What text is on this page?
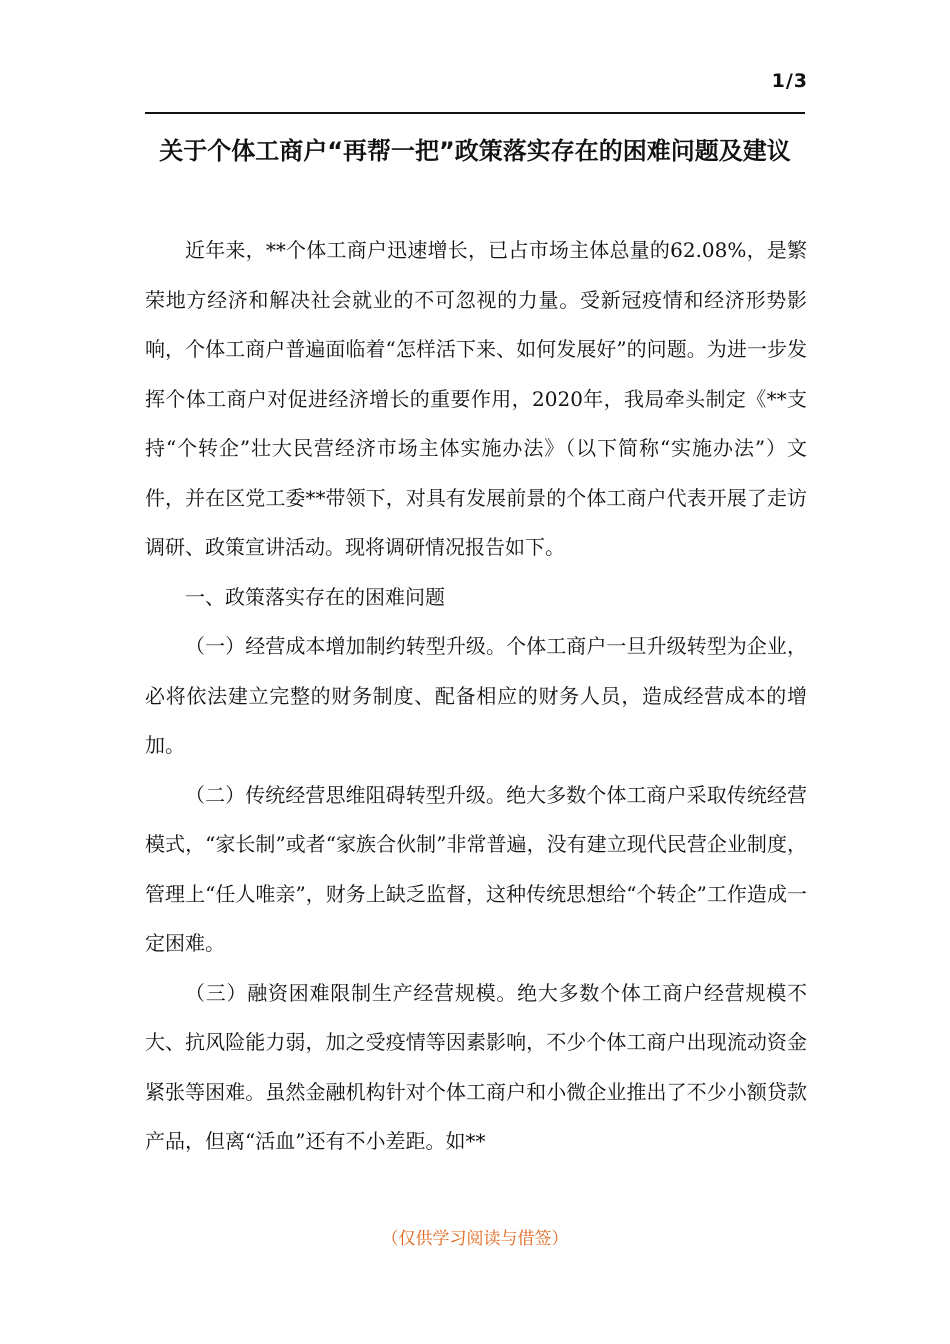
1/3
关于个体工商户“再帮一把”政策落实存在的困难问题及建议

近年来，**个体工商户迅速增长，已占市场主体总量的62.08%，是繁荣地方经济和解决社会就业的不可忽视的力量。受新冠疫情和经济形势影响，个体工商户普遍面临着“怎样活下来、如何发展好”的问题。为进一步发挥个体工商户对促进经济增长的重要作用，2020年，我局牵头制定《**支持“个转企”壮大民营经济市场主体实施办法》（以下简称“实施办法”）文件，并在区党工委**带领下，对具有发展前景的个体工商户代表开展了走访调研、政策宣讲活动。现将调研情况报告如下。

一、政策落实存在的困难问题

（一）经营成本增加制约转型升级。个体工商户一旦升级转型为企业，必将依法建立完整的财务制度、配备相应的财务人员，造成经营成本的增加。

（二）传统经营思维阻碍转型升级。绝大多数个体工商户采取传统经营模式，“家长制”或者“家族合伙制”非常普遍，没有建立现代民营企业制度，管理上“任人唯亲”，财务上缺乏监督，这种传统思想给“个转企”工作造成一定困难。

（三）融资困难限制生产经营规模。绝大多数个体工商户经营规模不大、抗风险能力弱，加之受疫情等因素影响，不少个体工商户出现流动资金紧张等困难。虽然金融机构针对个体工商户和小微企业推出了不少小额贷款产品，但离“活血”还有不小差距。如**

（仅供学习阅读与借签）
